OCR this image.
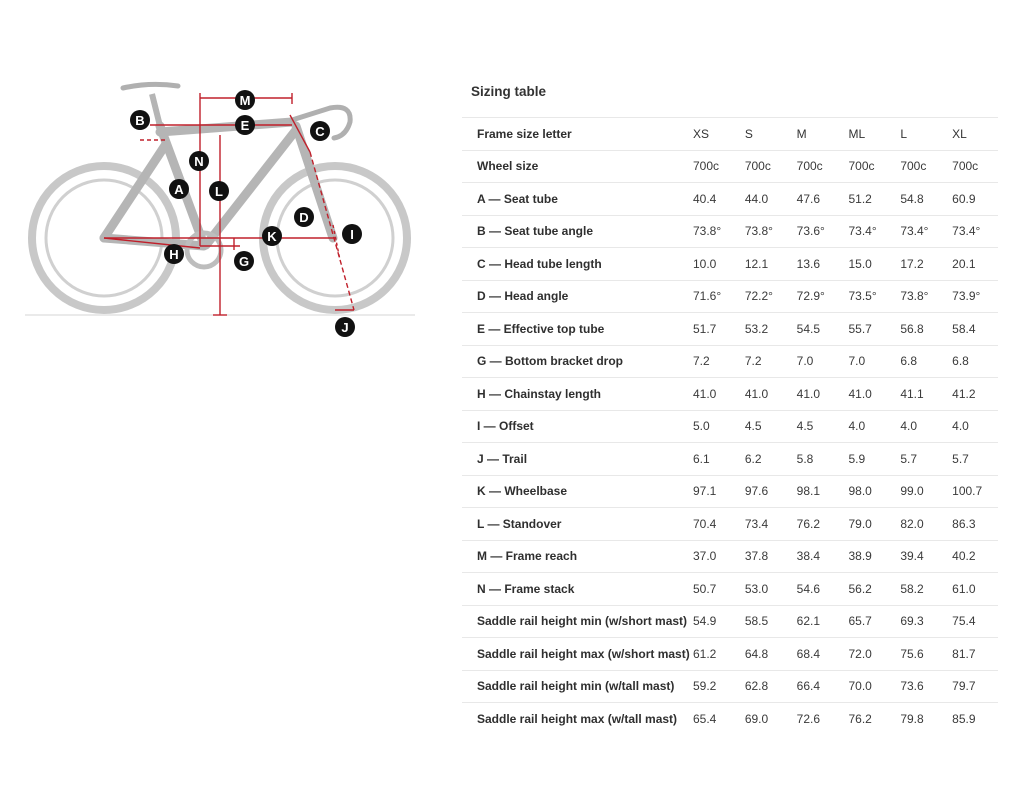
B
M
E	C
N
A L
D
K	I
H	G
J
Sizing table
Frame size letter	XS	S	M	ML	L	XL
Wheel size	700c	700c	700c	700c	700c	700c
A — Seat tube	40.4	44.0	47.6	51.2	54.8	60.9
B — Seat tube angle	73.8°	73.8°	73.6°	73.4°	73.4°	73.4°
C — Head tube length	10.0	12.1	13.6	15.0	17.2	20.1
D — Head angle	71.6°	72.2°	72.9°	73.5°	73.8°	73.9°
E — Effective top tube	51.7	53.2	54.5	55.7	56.8	58.4
G — Bottom bracket drop	7.2	7.2	7.0	7.0	6.8	6.8
H — Chainstay length	41.0	41.0	41.0	41.0	41.1	41.2
I — Offset	5.0	4.5	4.5	4.0	4.0	4.0
J — Trail	6.1	6.2	5.8	5.9	5.7	5.7
K — Wheelbase	97.1	97.6	98.1	98.0	99.0	100.7
L — Standover	70.4	73.4	76.2	79.0	82.0	86.3
M — Frame reach	37.0	37.8	38.4	38.9	39.4	40.2
N — Frame stack	50.7	53.0	54.6	56.2	58.2	61.0
Saddle rail height min (w/short mast)	54.9	58.5	62.1	65.7	69.3	75.4
Saddle rail height max (w/short mast)	61.2	64.8	68.4	72.0	75.6	81.7
Saddle rail height min (w/tall mast)	59.2	62.8	66.4	70.0	73.6	79.7
Saddle rail height max (w/tall mast)	65.4	69.0	72.6	76.2	79.8	85.9
